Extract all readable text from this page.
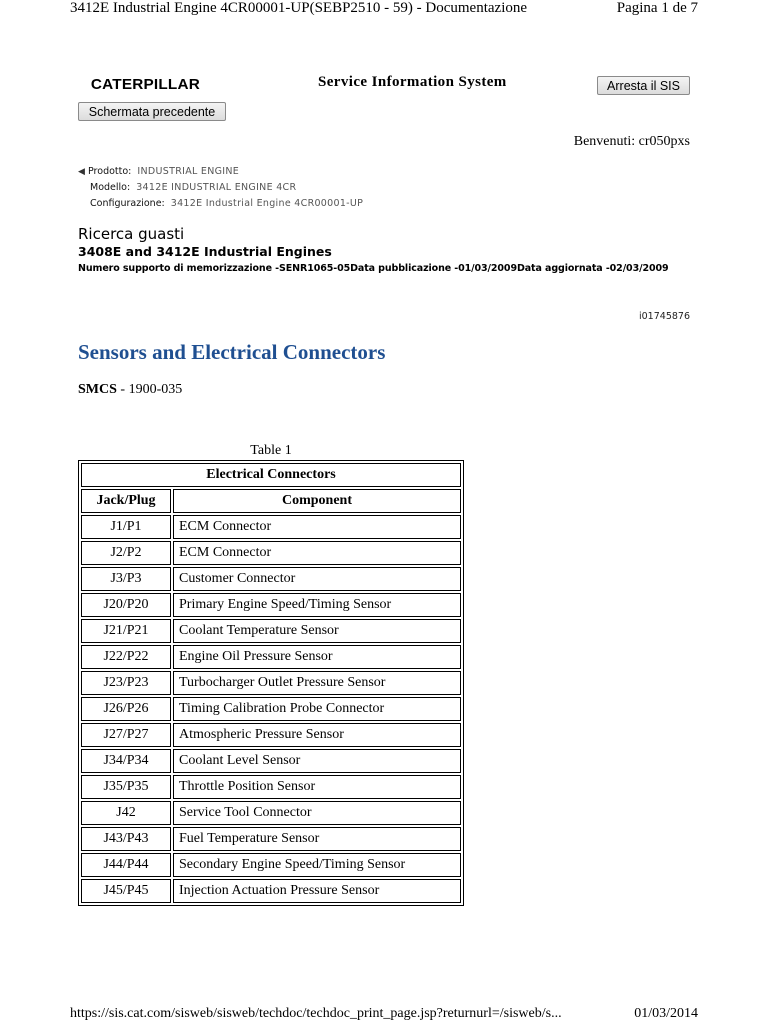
3412E Industrial Engine 4CR00001-UP(SEBP2510 - 59) - Documentazione	Pagina 1 de 7
CATERPILLAR	Service Information System	Arresta il SIS
Schermata precedente
Benvenuti: cr050pxs
◀ Prodotto: INDUSTRIAL ENGINE
Modello: 3412E INDUSTRIAL ENGINE 4CR
Configurazione: 3412E Industrial Engine 4CR00001-UP
Ricerca guasti
3408E and 3412E Industrial Engines
Numero supporto di memorizzazione -SENR1065-05Data pubblicazione -01/03/2009Data aggiornata -02/03/2009
i01745876
Sensors and Electrical Connectors
SMCS - 1900-035
Table 1
Electrical Connectors	
Jack/Plug	Component
J1/P1	ECM Connector
J2/P2	ECM Connector
J3/P3	Customer Connector
J20/P20	Primary Engine Speed/Timing Sensor
J21/P21	Coolant Temperature Sensor
J22/P22	Engine Oil Pressure Sensor
J23/P23	Turbocharger Outlet Pressure Sensor
J26/P26	Timing Calibration Probe Connector
J27/P27	Atmospheric Pressure Sensor
J34/P34	Coolant Level Sensor
J35/P35	Throttle Position Sensor
J42	Service Tool Connector
J43/P43	Fuel Temperature Sensor
J44/P44	Secondary Engine Speed/Timing Sensor
J45/P45	Injection Actuation Pressure Sensor
https://sis.cat.com/sisweb/sisweb/techdoc/techdoc_print_page.jsp?returnurl=/sisweb/s...	01/03/2014
